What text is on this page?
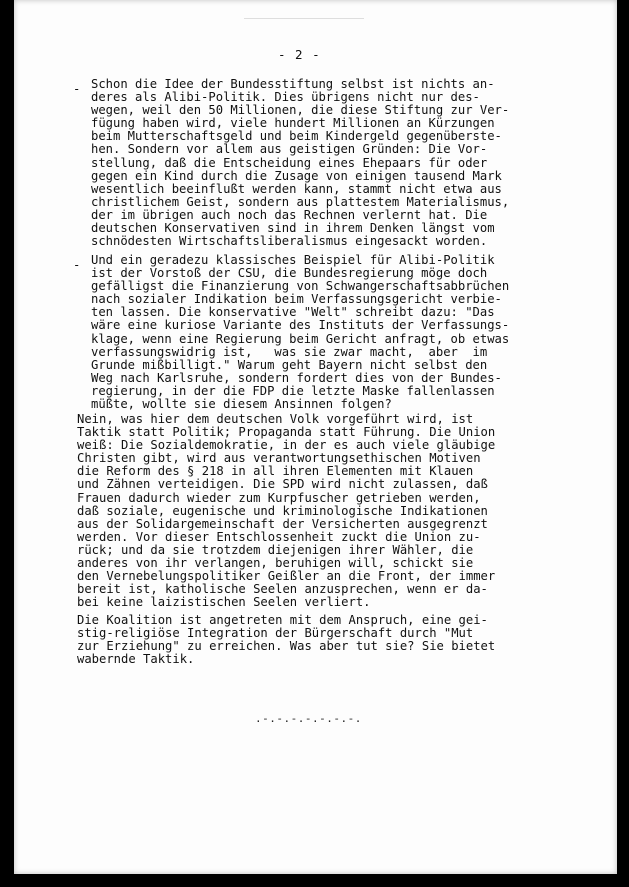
- 2 -
- Schon die Idee der Bundesstiftung selbst ist nichts an-
deres als Alibi-Politik. Dies übrigens nicht nur des-
wegen, weil den 50 Millionen, die diese Stiftung zur Ver-
fügung haben wird, viele hundert Millionen an Kürzungen
beim Mutterschaftsgeld und beim Kindergeld gegenüberste-
hen. Sondern vor allem aus geistigen Gründen: Die Vor-
stellung, daß die Entscheidung eines Ehepaars für oder
gegen ein Kind durch die Zusage von einigen tausend Mark
wesentlich beeinflußt werden kann, stammt nicht etwa aus
christlichem Geist, sondern aus plattestem Materialismus,
der im übrigen auch noch das Rechnen verlernt hat. Die
deutschen Konservativen sind in ihrem Denken längst vom
schnödesten Wirtschaftsliberalismus eingesackt worden.
- Und ein geradezu klassisches Beispiel für Alibi-Politik
ist der Vorstoß der CSU, die Bundesregierung möge doch
gefälligst die Finanzierung von Schwangerschaftsabbrüchen
nach sozialer Indikation beim Verfassungsgericht verbie-
ten lassen. Die konservative "Welt" schreibt dazu: "Das
wäre eine kuriose Variante des Instituts der Verfassungs-
klage, wenn eine Regierung beim Gericht anfragt, ob etwas
verfassungswidrig ist,   was sie zwar macht,  aber  im
Grunde mißbilligt." Warum geht Bayern nicht selbst den
Weg nach Karlsruhe, sondern fordert dies von der Bundes-
regierung, in der die FDP die letzte Maske fallenlassen
müßte, wollte sie diesem Ansinnen folgen?
Nein, was hier dem deutschen Volk vorgeführt wird, ist
Taktik statt Politik; Propaganda statt Führung. Die Union
weiß: Die Sozialdemokratie, in der es auch viele gläubige
Christen gibt, wird aus verantwortungsethischen Motiven
die Reform des § 218 in all ihren Elementen mit Klauen
und Zähnen verteidigen. Die SPD wird nicht zulassen, daß
Frauen dadurch wieder zum Kurpfuscher getrieben werden,
daß soziale, eugenische und kriminologische Indikationen
aus der Solidargemeinschaft der Versicherten ausgegrenzt
werden. Vor dieser Entschlossenheit zuckt die Union zu-
rück; und da sie trotzdem diejenigen ihrer Wähler, die
anderes von ihr verlangen, beruhigen will, schickt sie
den Vernebelungspolitiker Geißler an die Front, der immer
bereit ist, katholische Seelen anzusprechen, wenn er da-
bei keine laizistischen Seelen verliert.
Die Koalition ist angetreten mit dem Anspruch, eine gei-
stig-religiöse Integration der Bürgerschaft durch "Mut
zur Erziehung" zu erreichen. Was aber tut sie? Sie bietet
wabernde Taktik.
.-.-.-.-.-.-.-.
